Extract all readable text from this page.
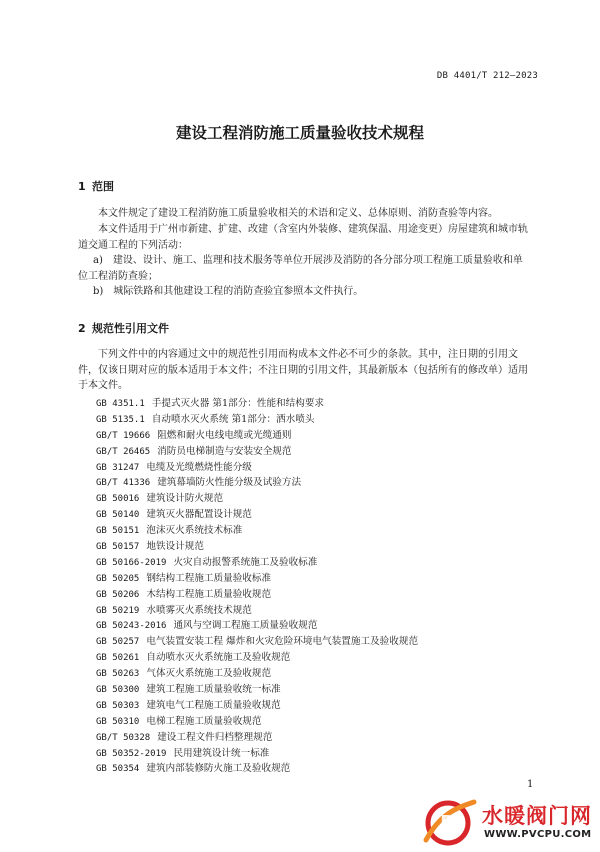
DB 4401/T 212—2023
建设工程消防施工质量验收技术规程
1 范围
本文件规定了建设工程消防施工质量验收相关的术语和定义、总体原则、消防查验等内容。
本文件适用于广州市新建、扩建、改建（含室内外装修、建筑保温、用途变更）房屋建筑和城市轨道交通工程的下列活动：
a)　建设、设计、施工、监理和技术服务等单位开展涉及消防的各分部分项工程施工质量验收和单位工程消防查验；
b)　城际铁路和其他建设工程的消防查验宜参照本文件执行。
2 规范性引用文件
下列文件中的内容通过文中的规范性引用而构成本文件必不可少的条款。其中，注日期的引用文件，仅该日期对应的版本适用于本文件；不注日期的引用文件，其最新版本（包括所有的修改单）适用于本文件。
GB 4351.1 手提式灭火器 第1部分：性能和结构要求
GB 5135.1 自动喷水灭火系统 第1部分：洒水喷头
GB/T 19666 阻燃和耐火电线电缆或光缆通则
GB/T 26465 消防员电梯制造与安装安全规范
GB 31247 电缆及光缆燃烧性能分级
GB/T 41336 建筑幕墙防火性能分级及试验方法
GB 50016 建筑设计防火规范
GB 50140 建筑灭火器配置设计规范
GB 50151 泡沫灭火系统技术标准
GB 50157 地铁设计规范
GB 50166-2019 火灾自动报警系统施工及验收标准
GB 50205 钢结构工程施工质量验收标准
GB 50206 木结构工程施工质量验收规范
GB 50219 水喷雾灭火系统技术规范
GB 50243-2016 通风与空调工程施工质量验收规范
GB 50257 电气装置安装工程 爆炸和火灾危险环境电气装置施工及验收规范
GB 50261 自动喷水灭火系统施工及验收规范
GB 50263 气体灭火系统施工及验收规范
GB 50300 建筑工程施工质量验收统一标准
GB 50303 建筑电气工程施工质量验收规范
GB 50310 电梯工程施工质量验收规范
GB/T 50328 建设工程文件归档整理规范
GB 50352-2019 民用建筑设计统一标准
GB 50354 建筑内部装修防火施工及验收规范
1
P 水暖阀门网
WWW.PVCPU.COM
